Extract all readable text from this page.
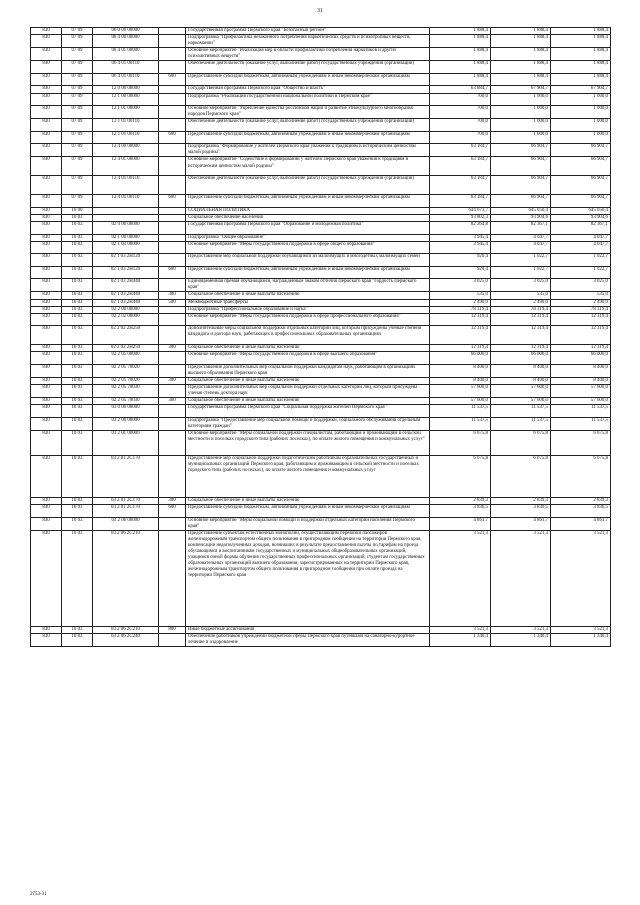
31
830	07 09	06 0 00 00000		Государственная программа Пермского края "Безопасный регион"	1 888,4	1 888,4	1 888,4
830	07 09	06 4 00 00000		Подпрограмма "Профилактика незаконного потребления наркотических средств и психотропных веществ, наркомании"	1 888,4	1 888,4	1 888,4
830	07 09	06 4 01 00000		Основное мероприятие "Реализация мер в области профилактики потребления наркотиков и других психоактивных веществ"	1 888,4	1 888,4	1 888,4
830	07 09	06 4 01 00110		Обеспечение деятельности (оказание услуг, выполнение работ) государственных учреждений (организаций)	1 888,4	1 888,4	1 888,4
830	07 09	06 4 01 00110	600	Предоставление субсидий бюджетным, автономным учреждениям и иным некоммерческим организациям	1 888,4	1 888,4	1 888,4
830	07 09	12 0 00 00000		Государственная программа Пермского края "Общество и власть"	63 884,7	67 904,7	67 904,7
830	07 09	12 1 00 00000		Подпрограмма "Реализация государственной национальной политики в Пермском крае"	700,0	1 000,0	1 000,0
830	07 09	12 1 01 00000		Основное мероприятие "Укрепление единства российской нации и развитие этнокультурного многообразия народов Пермского края"	700,0	1 000,0	1 000,0
830	07 09	12 1 01 00110		Обеспечение деятельности (оказание услуг, выполнение работ) государственных учреждений (организаций)	700,0	1 000,0	1 000,0
830	07 09	12 1 01 00110	600	Предоставление субсидий бюджетным, автономным учреждениям и иным некоммерческим организациям	700,0	1 000,0	1 000,0
830	07 09	12 4 00 00000		Подпрограмма "Формирование у жителей Пермского края уважения к традициям и историческим ценностям малой родины"	63 184,7	66 904,7	66 904,7
830	07 09	12 4 01 00000		Основное мероприятие "Содействие в формировании у жителей Пермского края уважения к традициям и историческим ценностям малой родины"	63 184,7	66 904,7	66 904,7
830	07 09	12 4 01 00110		Обеспечение деятельности (оказание услуг, выполнение работ) государственных учреждений (организаций)	63 184,7	66 904,7	66 904,7
830	07 09	12 4 01 00110	600	Предоставление субсидий бюджетным, автономным учреждениям и иным некоммерческим организациям	63 184,7	66 904,7	66 904,7
830	10 00			СОЦИАЛЬНАЯ ПОЛИТИКА	644 673,7	645 050,4	645 050,4
830	10 03			Социальное обеспечение населения	93 802,3	93 904,6	93 904,6
830	10 03	02 0 00 00000		Государственная программа Пермского края "Образование и молодежная политика"	82 264,8	82 367,1	82 367,1
830	10 03	02 1 00 00000		Подпрограмма "Общее образование"	3 945,4	4 047,7	4 047,7
830	10 03	02 1 03 00000		Основное мероприятие "Меры государственной поддержки в сфере общего образования"	3 945,4	4 047,7	4 047,7
830	10 03	02 1 03 2Н120		Предоставление мер социальной поддержки обучающимся из малоимущих и многодетных малоимущих семей	920,4	1 022,7	1 022,7
830	10 03	02 1 03 2Н120	600	Предоставление субсидий бюджетным, автономным учреждениям и иным некоммерческим организациям	920,4	1 022,7	1 022,7
830	10 03	02 1 03 2Н440		Единовременная премия обучающимся, награжденным знаком отличия Пермского края "Гордость Пермского края"	3 025,0	3 025,0	3 025,0
830	10 03	02 1 03 2Н440	300	Социальное обеспечение и иные выплаты населению	535,0	535,0	535,0
830	10 03	02 1 03 2Н440	500	Межбюджетные трансферты	2 490,0	2 490,0	2 490,0
830	10 03	02 2 00 00000		Подпрограмма "Профессиональное образование и наука"	78 319,4	78 319,4	78 319,4
830	10 03	02 2 02 00000		Основное мероприятие "Меры государственной поддержки в сфере профессионального образования"	12 319,4	12 319,4	12 319,4
830	10 03	02 2 02 2Н250		Дополнительные меры социальной поддержки отдельных категорий лиц, которым присуждены ученые степени кандидата и доктора наук, работающих в профессиональных образовательных организациях	12 319,4	12 319,4	12 319,4
830	10 03	02 2 02 2Н250	300	Социальное обеспечение и иные выплаты населению	12 319,4	12 319,4	12 319,4
830	10 03	02 2 05 00000		Основное мероприятие "Меры государственной поддержки в сфере высшего образования"	66 000,0	66 000,0	66 000,0
830	10 03	02 2 05 70020		Предоставление дополнительных мер социальной поддержки кандидатам наук, работающим в организациях высшего образования Пермского края	8 400,0	8 400,0	8 400,0
830	10 03	02 2 05 70020	300	Социальное обеспечение и иные выплаты населению	8 400,0	8 400,0	8 400,0
830	10 03	02 2 05 70030		Предоставление дополнительных мер социальной поддержки отдельных категорий лиц, которым присуждена ученая степень доктора наук	57 600,0	57 600,0	57 600,0
830	10 03	02 2 05 70030	300	Социальное обеспечение и иные выплаты населению	57 600,0	57 600,0	57 600,0
830	10 03	03 0 00 00000		Государственная программа Пермского края "Социальная поддержка жителей Пермского края"	11 537,5	11 537,5	11 537,5
830	10 03	03 2 00 00000		Подпрограмма "Предоставление мер социальной помощи и поддержки, социального обслуживания отдельным категориям граждан"	11 537,5	11 537,5	11 537,5
830	10 03	03 2 01 00000		Основное мероприятие "Меры социальной поддержки специалистам, работающим и проживающим в сельской местности и поселках городского типа (рабочих поселках), по оплате жилого помещения и коммунальных услуг"	6 675,8	6 675,8	6 675,8
830	10 03	03 2 01 2С170		Предоставление мер социальной поддержки педагогическим работникам образовательных государственных и муниципальных организаций Пермского края, работающим и проживающим в сельской местности и поселках городского типа (рабочих поселках), по оплате жилого помещения и коммунальных услуг	6 675,8	6 675,8	6 675,8
830	10 03	03 2 01 2С170	300	Социальное обеспечение и иные выплаты населению	2 839,3	2 839,3	2 839,3
830	10 03	03 2 01 2С170	600	Предоставление субсидий бюджетным, автономным учреждениям и иным некоммерческим организациям	3 836,5	3 836,5	3 836,5
830	10 03	03 2 06 00000		Основное мероприятие "Меры социальной помощи и поддержки отдельных категорий населения Пермского края"	4 861,7	4 861,7	4 861,7
830	10 03	03 2 06 2С210		Предоставление субъектам естественных монополий, осуществляющим перевозки пассажиров железнодорожным транспортом общего пользования в пригородном сообщении на территории Пермского края, компенсации недополученных доходов, возникших в результате предоставления льготы по тарифам на проезд обучающимся и воспитанникам государственных и муниципальных общеобразовательных организаций, учащимся очной формы обучения государственных профессиональных организаций, студентам государственных образовательных организаций высшего образования, зарегистрированных на территории Пермского края, железнодорожным транспортом общего пользования в пригородном сообщении при оплате проезда на территории Пермского края	3 521,3	3 521,3	3 521,3
830	10 03	03 2 06 2С210	800	Иные бюджетные ассигнования	3 521,3	3 521,3	3 521,3
830	10 03	03 2 06 2С240		Обеспечение работников учреждений бюджетной сферы Пермского края путевками на санаторно-курортное лечение и оздоровление	1 340,4	1 340,4	1 340,4
2753-31
